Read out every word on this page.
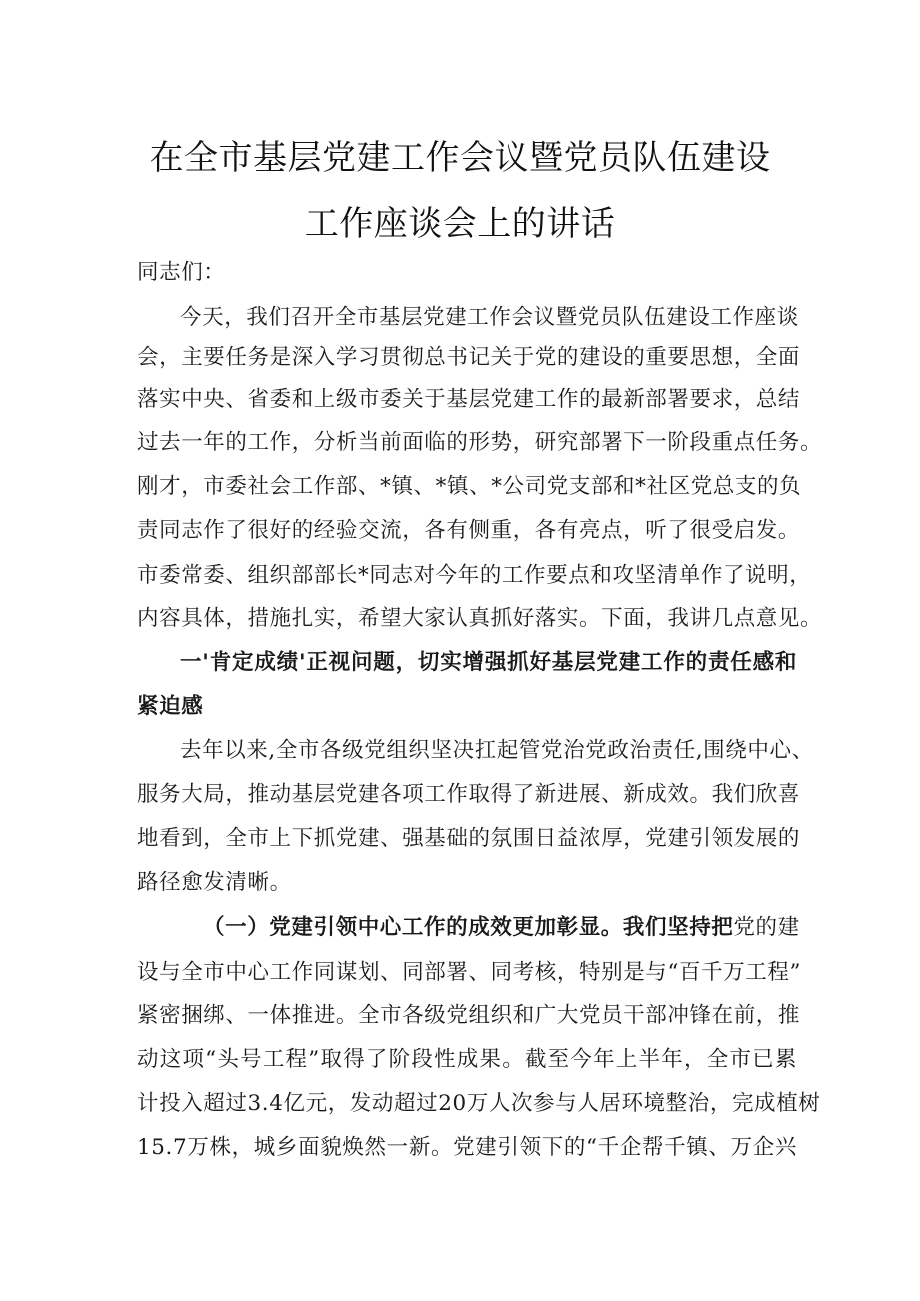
在全市基层党建工作会议暨党员队伍建设
工作座谈会上的讲话
同志们：
今天，我们召开全市基层党建工作会议暨党员队伍建设工作座谈
会，主要任务是深入学习贯彻总书记关于党的建设的重要思想，全面
落实中央、省委和上级市委关于基层党建工作的最新部署要求，总结
过去一年的工作，分析当前面临的形势，研究部署下一阶段重点任务。
刚才，市委社会工作部、*镇、*镇、*公司党支部和*社区党总支的负
责同志作了很好的经验交流，各有侧重，各有亮点，听了很受启发。
市委常委、组织部部长*同志对今年的工作要点和攻坚清单作了说明，
内容具体，措施扎实，希望大家认真抓好落实。下面，我讲几点意见。
一'肯定成绩'正视问题，切实增强抓好基层党建工作的责任感和
紧迫感
去年以来,全市各级党组织坚决扛起管党治党政治责任,围绕中心、
服务大局，推动基层党建各项工作取得了新进展、新成效。我们欣喜
地看到，全市上下抓党建、强基础的氛围日益浓厚，党建引领发展的
路径愈发清晰。
（一）党建引领中心工作的成效更加彰显。我们坚持把党的建
设与全市中心工作同谋划、同部署、同考核，特别是与“百千万工程”
紧密捆绑、一体推进。全市各级党组织和广大党员干部冲锋在前，推
动这项“头号工程”取得了阶段性成果。截至今年上半年，全市已累
计投入超过3.4亿元，发动超过20万人次参与人居环境整治，完成植树
15.7万株，城乡面貌焕然一新。党建引领下的“千企帮千镇、万企兴
